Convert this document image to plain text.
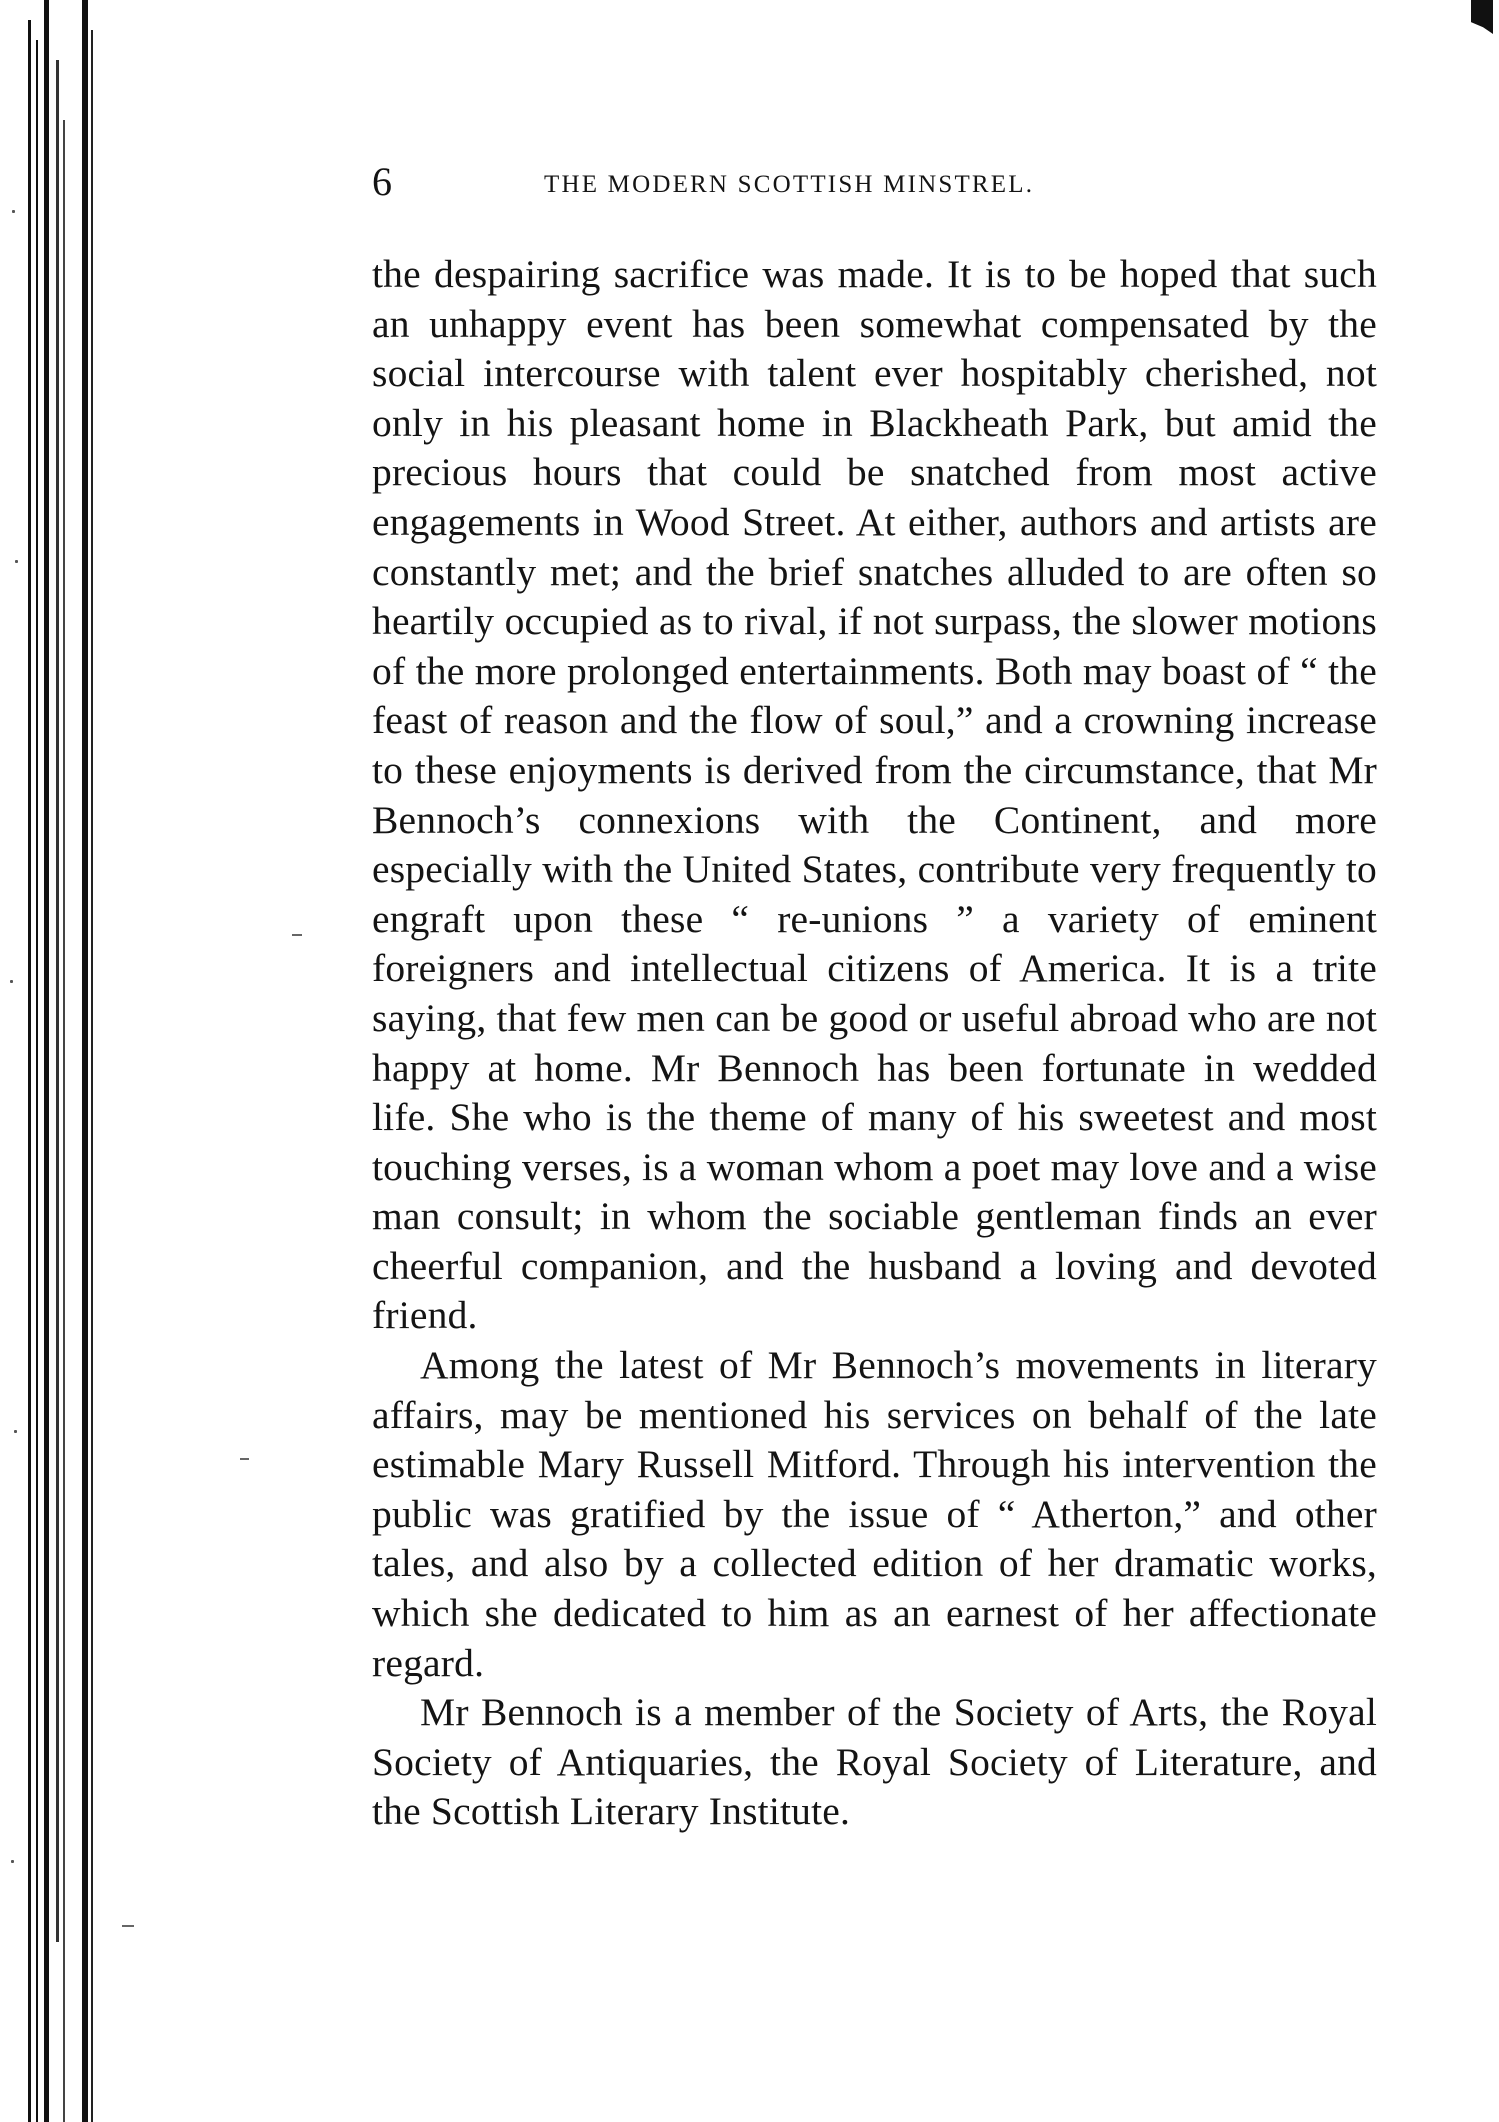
6	THE MODERN SCOTTISH MINSTREL.

the despairing sacrifice was made. It is to be hoped that such an unhappy event has been somewhat compensated by the social intercourse with talent ever hospitably cherished, not only in his pleasant home in Blackheath Park, but amid the precious hours that could be snatched from most active engagements in Wood Street. At either, authors and artists are constantly met; and the brief snatches alluded to are often so heartily occupied as to rival, if not surpass, the slower motions of the more prolonged entertainments. Both may boast of “ the feast of reason and the flow of soul,” and a crowning increase to these enjoyments is derived from the circumstance, that Mr Bennoch’s connexions with the Continent, and more especially with the United States, contribute very frequently to engraft upon these “ re-unions ” a variety of eminent foreigners and intellectual citizens of America. It is a trite saying, that few men can be good or useful abroad who are not happy at home. Mr Bennoch has been fortunate in wedded life. She who is the theme of many of his sweetest and most touching verses, is a woman whom a poet may love and a wise man consult; in whom the sociable gentleman finds an ever cheerful companion, and the husband a loving and devoted friend.

Among the latest of Mr Bennoch’s movements in literary affairs, may be mentioned his services on behalf of the late estimable Mary Russell Mitford. Through his intervention the public was gratified by the issue of “ Atherton,” and other tales, and also by a collected edition of her dramatic works, which she dedicated to him as an earnest of her affectionate regard.

Mr Bennoch is a member of the Society of Arts, the Royal Society of Antiquaries, the Royal Society of Literature, and the Scottish Literary Institute.
